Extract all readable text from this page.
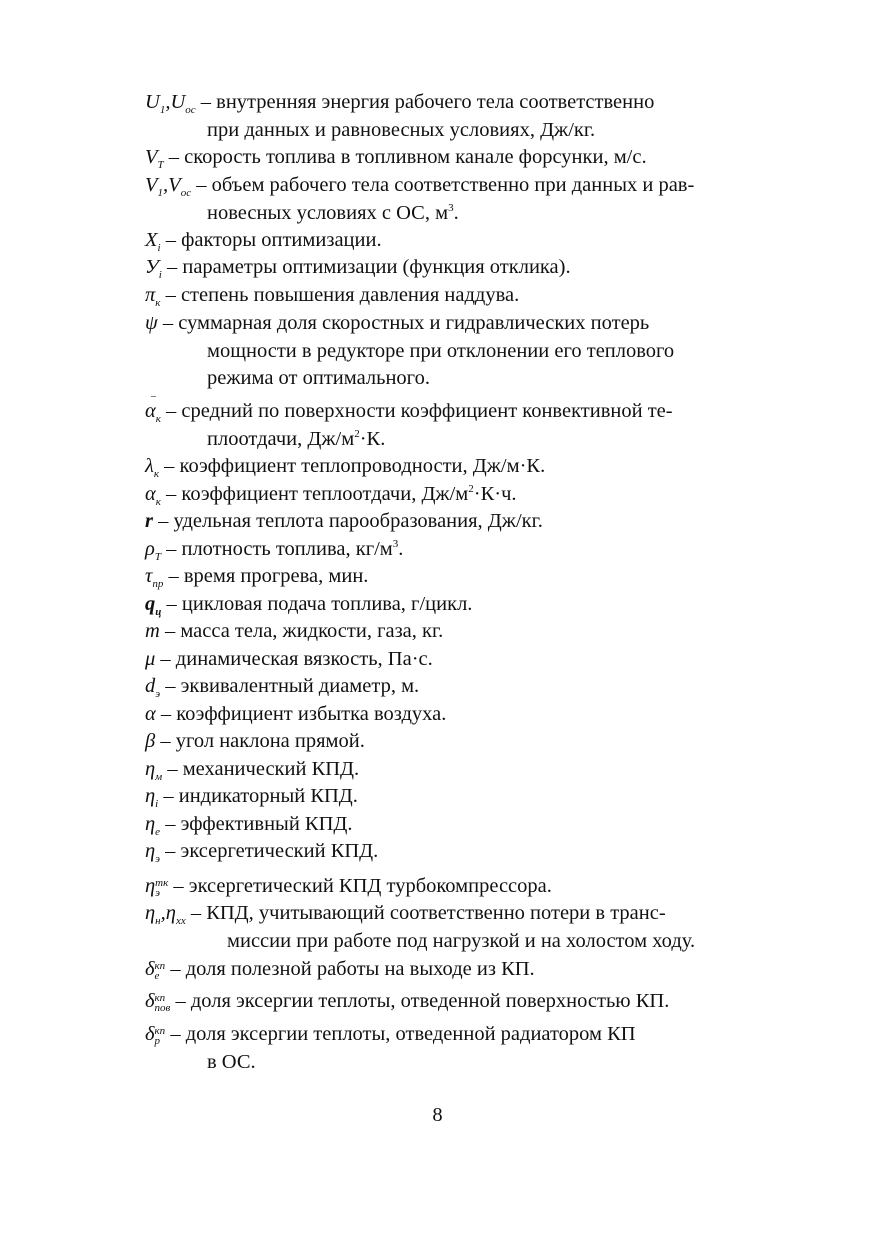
$U_1,U_{ос}$ – внутренняя энергия рабочего тела соответственно
при данных и равновесных условиях, Дж/кг.
$V_T$ – скорость топлива в топливном канале форсунки, м/с.
$V_1,V_{ос}$ – объем рабочего тела соответственно при данных и рав-
новесных условиях с ОС, $м^3$.
$X_i$ – факторы оптимизации.
$У_i$ – параметры оптимизации (функция отклика).
$\pi_к$ – степень повышения давления наддува.
ψ – суммарная доля скоростных и гидравлических потерь
мощности в редукторе при отклонении его теплового
режима от оптимального.
α
–
$_к$ – средний по поверхности коэффициент конвективной те-
плоотдачи, $Дж/м^2\cdot К$.
$\lambda_к$ – коэффициент теплопроводности, Дж/м·К.
$\alpha_к$ – коэффициент теплоотдачи, $Дж/м^2\cdot К\cdot ч$.
r – удельная теплота парообразования, Дж/кг.
$\rho_T$ – плотность топлива, $кг/м^3$.
$\tau_{пр}$ – время прогрева, мин.
$q_ц$ – цикловая подача топлива, г/цикл.
m – масса тела, жидкости, газа, кг.
μ – динамическая вязкость, Па·с.
$d_э$ – эквивалентный диаметр, м.
α – коэффициент избытка воздуха.
β – угол наклона прямой.
$\eta_м$ – механический КПД.
$\eta_i$ – индикаторный КПД.
$\eta_e$ – эффективный КПД.
$\eta_э$ – эксергетический КПД.
η тк
э – эксергетический КПД турбокомпрессора.
$\eta_н,\eta_{хх}$ – КПД, учитывающий соответственно потери в транс-
миссии при работе под нагрузкой и на холостом ходу.
δ кп
e – доля полезной работы на выходе из КП.
δ кп
пов – доля эксергии теплоты, отведенной поверхностью КП.
δ кп
р – доля эксергии теплоты, отведенной радиатором КП
в ОС.
8
